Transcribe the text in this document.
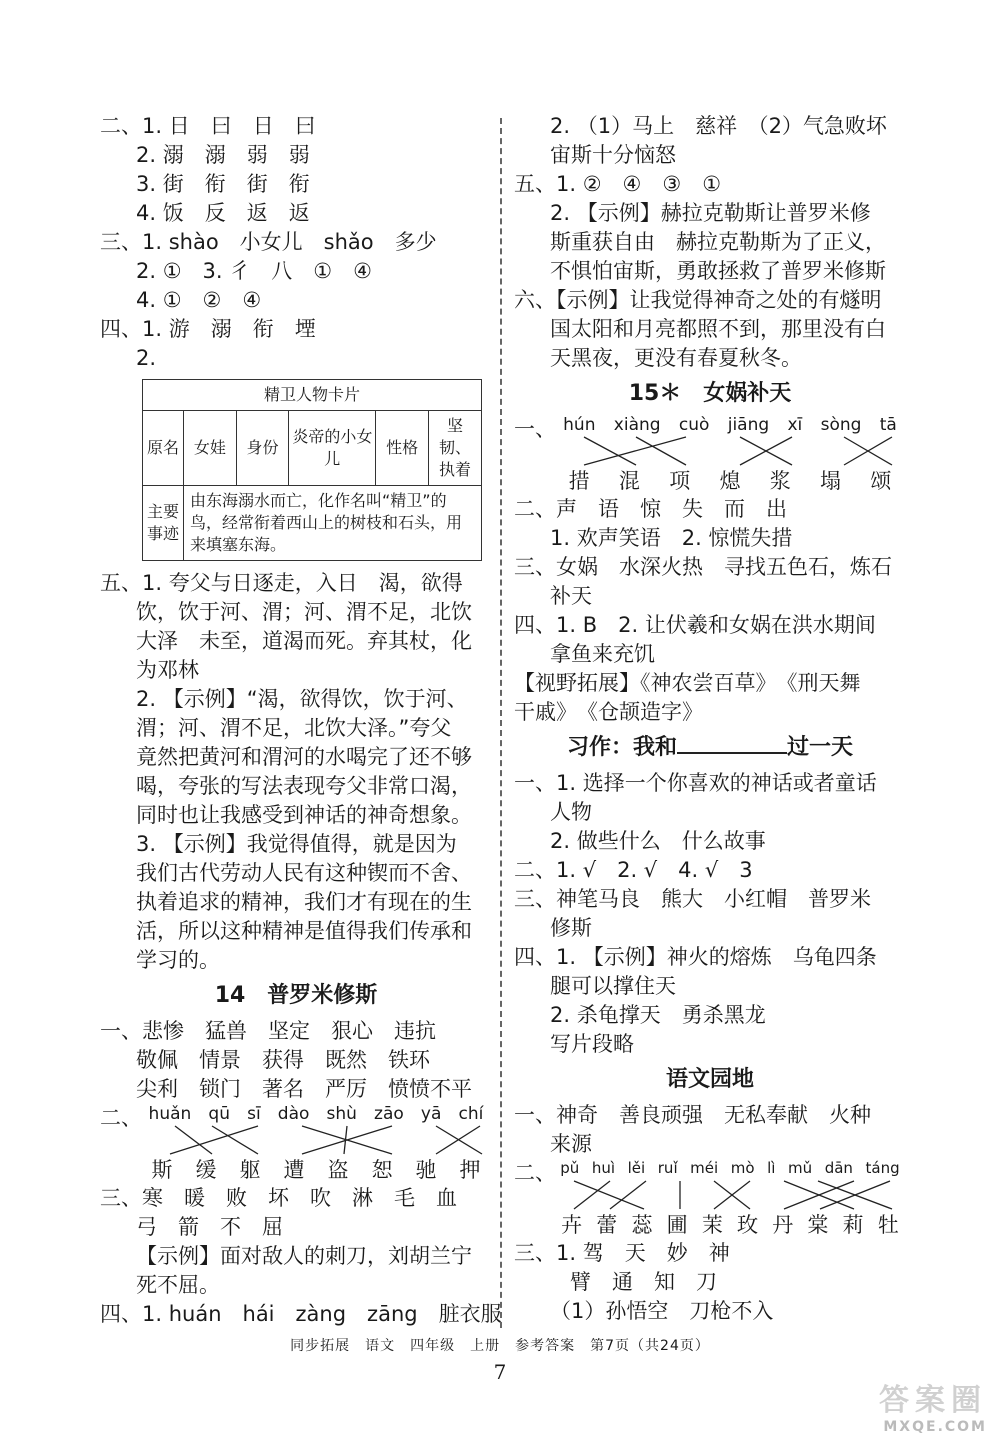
二、1. 日　曰　日　曰
2. 溺　溺　弱　弱
3. 街　衔　街　衔
4. 饭　反　返　返
三、1. shào　小女儿　shǎo　多少
2. ①　3. 彳　八　①　④
4. ①　②　④
四、1. 游　溺　衔　堙
2.
精卫人物卡片					
原名	女娃	身份	炎帝的小女儿	性格	坚韧、执着
主要事迹	由东海溺水而亡，化作名叫“精卫”的鸟，经常衔着西山上的树枝和石头，用来填塞东海。				
五、1. 夸父与日逐走，入日　渴，欲得
饮，饮于河、渭；河、渭不足，北饮
大泽　未至，道渴而死。弃其杖，化
为邓林
2. 【示例】“渴，欲得饮，饮于河、
渭；河、渭不足，北饮大泽。”夸父
竟然把黄河和渭河的水喝完了还不够
喝，夸张的写法表现夸父非常口渴，
同时也让我感受到神话的神奇想象。
3. 【示例】我觉得值得，就是因为
我们古代劳动人民有这种锲而不舍、
执着追求的精神，我们才有现在的生
活，所以这种精神是值得我们传承和
学习的。
14　普罗米修斯
一、悲惨　猛兽　坚定　狠心　违抗
敬佩　情景　获得　既然　铁环
尖利　锁门　著名　严厉　愤愤不平
二、 huǎn qū sī dào shù zāo yā chí
斯 缓 躯 遭 盗 恕 驰 押
三、寒　暖　败　坏　吹　淋　毛　血
弓　箭　不　屈
【示例】面对敌人的刺刀，刘胡兰宁
死不屈。
四、1. huán　hái　zàng　zāng　脏衣服
2. （1）马上　慈祥　（2）气急败坏
宙斯十分恼怒
五、1. ②　④　③　①
2. 【示例】赫拉克勒斯让普罗米修
斯重获自由　赫拉克勒斯为了正义，
不惧怕宙斯，勇敢拯救了普罗米修斯
六、【示例】让我觉得神奇之处的有燧明
国太阳和月亮都照不到，那里没有白
天黑夜，更没有春夏秋冬。
15＊　女娲补天
一、 hún xiàng cuò jiāng xī sòng tā
措 混 项 熄 浆 塌 颂
二、声　语　惊　失　而　出
1. 欢声笑语　2. 惊慌失措
三、女娲　水深火热　寻找五色石，炼石
补天
四、1. B　2. 让伏羲和女娲在洪水期间
拿鱼来充饥
【视野拓展】《神农尝百草》　《刑天舞
干戚》　《仓颉造字》
习作：我和	过一天
一、1. 选择一个你喜欢的神话或者童话
人物
2. 做些什么　什么故事
二、1. √　2. √　4. √　3
三、神笔马良　熊大　小红帽　普罗米
修斯
四、1. 【示例】神火的熔炼　乌龟四条
腿可以撑住天
2. 杀龟撑天　勇杀黑龙
写片段略
语文园地
一、神奇　善良顽强　无私奉献　火种
来源
二、 pǔ huì lěi ruǐ méi mò lì mǔ dān táng
卉 蕾 蕊 圃 茉 玫 丹 棠 莉 牡
三、1. 驾　天　妙　神
臂　通　知　刀
（1）孙悟空　刀枪不入
同步拓展　语文　四年级　上册　参考答案　第7页（共24页）
7
答案圈
MXQE.COM
